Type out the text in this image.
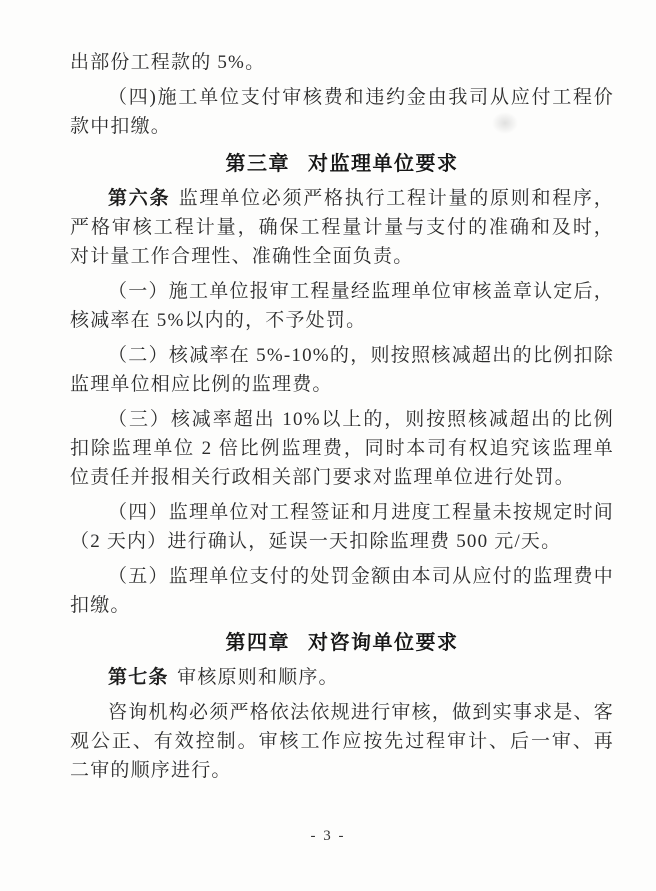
出部份工程款的 5%。

（四)施工单位支付审核费和违约金由我司从应付工程价款中扣缴。

第三章 对监理单位要求

第六条 监理单位必须严格执行工程计量的原则和程序，严格审核工程计量，确保工程量计量与支付的准确和及时，对计量工作合理性、准确性全面负责。

（一）施工单位报审工程量经监理单位审核盖章认定后，核减率在 5%以内的，不予处罚。

（二）核减率在 5%-10%的，则按照核减超出的比例扣除监理单位相应比例的监理费。

（三）核减率超出 10%以上的，则按照核减超出的比例扣除监理单位 2 倍比例监理费，同时本司有权追究该监理单位责任并报相关行政相关部门要求对监理单位进行处罚。

（四）监理单位对工程签证和月进度工程量未按规定时间（2 天内）进行确认，延误一天扣除监理费 500 元/天。

（五）监理单位支付的处罚金额由本司从应付的监理费中扣缴。

第四章 对咨询单位要求

第七条 审核原则和顺序。

咨询机构必须严格依法依规进行审核，做到实事求是、客观公正、有效控制。审核工作应按先过程审计、后一审、再二审的顺序进行。

- 3 -
